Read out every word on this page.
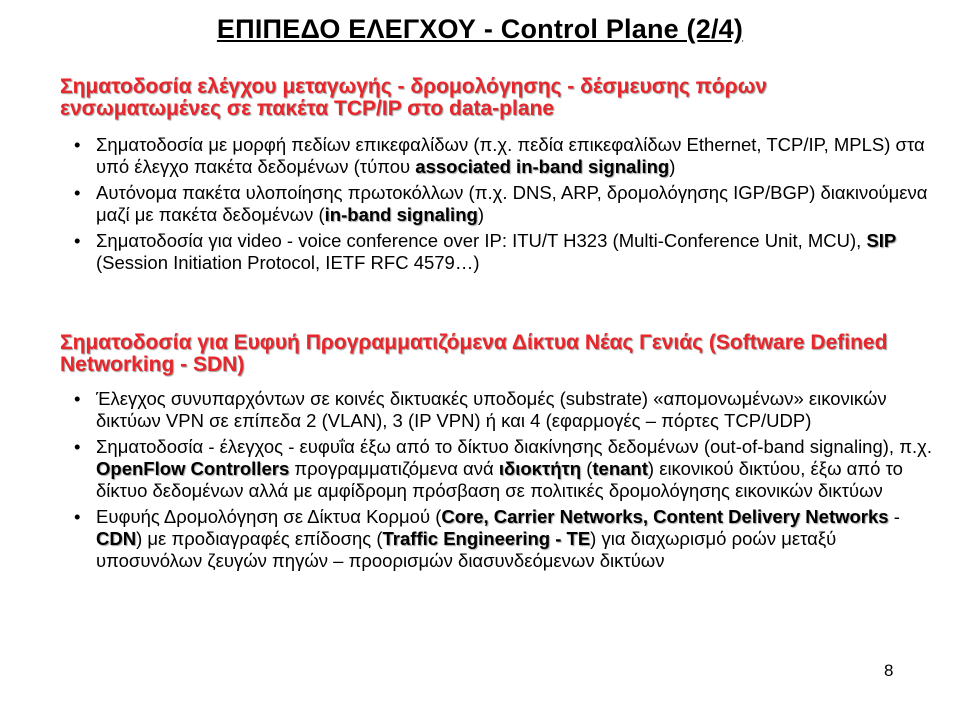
ΕΠΙΠΕΔΟ ΕΛΕΓΧΟΥ - Control Plane (2/4)
Σηματοδοσία ελέγχου μεταγωγής - δρομολόγησης - δέσμευσης πόρων ενσωματωμένες σε πακέτα TCP/IP στο data-plane
• Σηματοδοσία με μορφή πεδίων επικεφαλίδων (π.χ. πεδία επικεφαλίδων Ethernet, TCP/IP, MPLS) στα υπό έλεγχο πακέτα δεδομένων (τύπου associated in-band signaling)
• Αυτόνομα πακέτα υλοποίησης πρωτοκόλλων (π.χ. DNS, ARP, δρομολόγησης IGP/BGP) διακινούμενα μαζί με πακέτα δεδομένων (in-band signaling)
• Σηματοδοσία για video - voice conference over IP: ITU/T H323 (Multi-Conference Unit, MCU), SIP (Session Initiation Protocol, IETF RFC 4579…)
Σηματοδοσία για Ευφυή Προγραμματιζόμενα Δίκτυα Νέας Γενιάς (Software Defined Networking - SDN)
• Έλεγχος συνυπαρχόντων σε κοινές δικτυακές υποδομές (substrate) «απομονωμένων» εικονικών δικτύων VPN σε επίπεδα 2 (VLAN), 3 (IP VPN) ή και 4 (εφαρμογές – πόρτες TCP/UDP)
• Σηματοδοσία - έλεγχος - ευφυΐα έξω από το δίκτυο διακίνησης δεδομένων (out-of-band signaling), π.χ. OpenFlow Controllers προγραμματιζόμενα ανά ιδιοκτήτη (tenant) εικονικού δικτύου, έξω από το δίκτυο δεδομένων αλλά με αμφίδρομη πρόσβαση σε πολιτικές δρομολόγησης εικονικών δικτύων
• Ευφυής Δρομολόγηση σε Δίκτυα Κορμού (Core, Carrier Networks, Content Delivery Networks - CDN) με προδιαγραφές επίδοσης (Traffic Engineering - TE) για διαχωρισμό ροών μεταξύ υποσυνόλων ζευγών πηγών – προορισμών διασυνδεόμενων δικτύων
8
